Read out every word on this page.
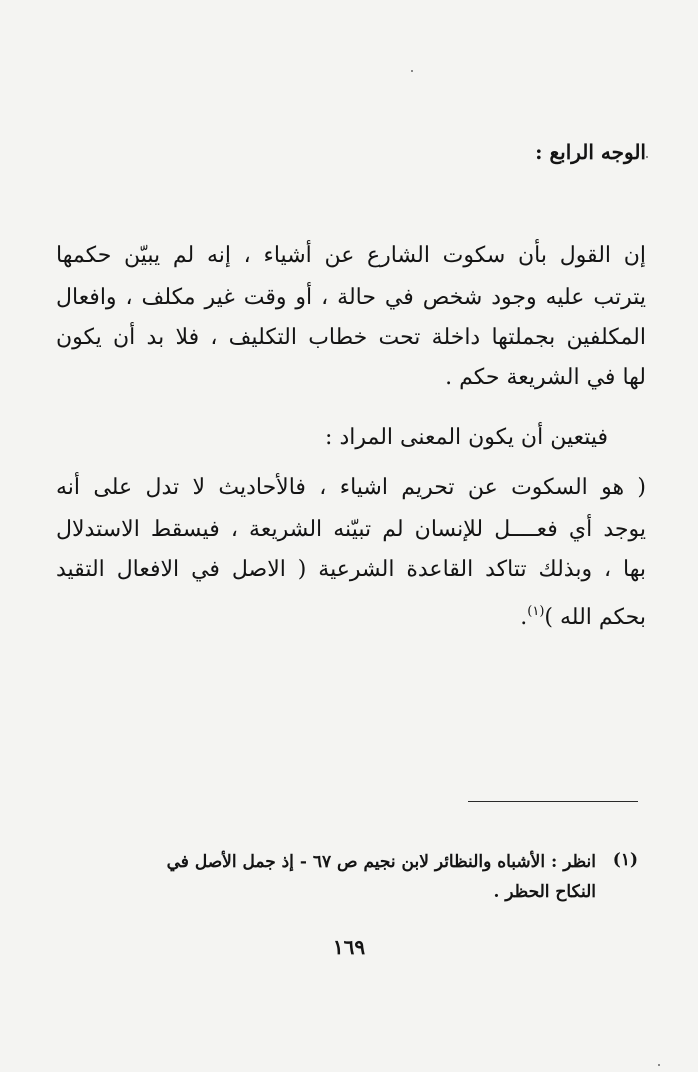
الوجه الرابع :
إن القول بأن سكوت الشارع عن أشياء ، إنه لم يبيّن حكمها
يترتب عليه وجود شخص في حالة ، أو وقت غير مكلف ، وافعال
المكلفين بجملتها داخلة تحت خطاب التكليف ، فلا بد أن يكون
لها في الشريعة حكم .
فيتعين أن يكون المعنى المراد :
( هو السكوت عن تحريم اشياء ، فالأحاديث لا تدل على أنه
يوجد أي فعــــل للإنسان لم تبيّنه الشريعة ، فيسقط الاستدلال
بها ، وبذلك تتاكد القاعدة الشرعية ( الاصل في الافعال التقيد
بحكم الله )$^{(١)}$.
(١)
انظر : الأشباه والنظائر لابن نجيم ص ٦٧ - إذ جمل الأصل في
النكاح الحظر .
١٦٩
